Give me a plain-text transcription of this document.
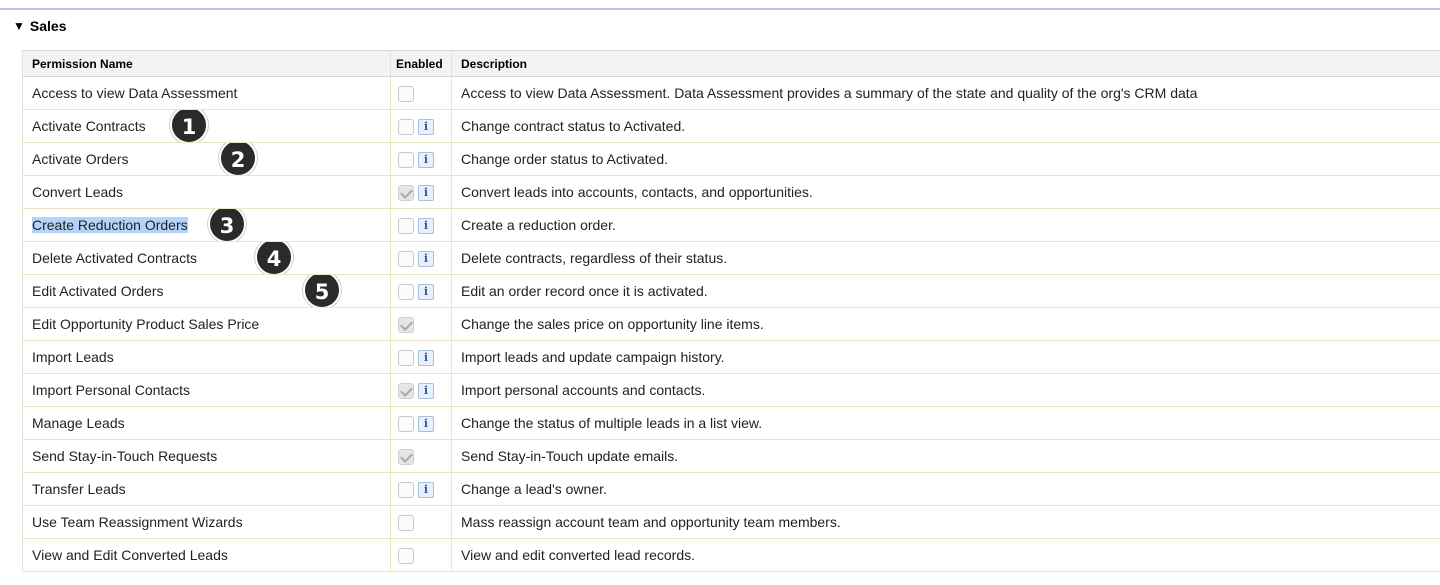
▼ Sales
Permission Name	Enabled	Description
Access to view Data Assessment		Access to view Data Assessment. Data Assessment provides a summary of the state and quality of the org's CRM data
Activate Contracts 1	i	Change contract status to Activated.
Activate Orders 2	i	Change order status to Activated.
Convert Leads	i	Convert leads into accounts, contacts, and opportunities.
Create Reduction Orders 3	i	Create a reduction order.
Delete Activated Contracts 4	i	Delete contracts, regardless of their status.
Edit Activated Orders 5	i	Edit an order record once it is activated.
Edit Opportunity Product Sales Price		Change the sales price on opportunity line items.
Import Leads	i	Import leads and update campaign history.
Import Personal Contacts	i	Import personal accounts and contacts.
Manage Leads	i	Change the status of multiple leads in a list view.
Send Stay-in-Touch Requests		Send Stay-in-Touch update emails.
Transfer Leads	i	Change a lead's owner.
Use Team Reassignment Wizards		Mass reassign account team and opportunity team members.
View and Edit Converted Leads		View and edit converted lead records.
